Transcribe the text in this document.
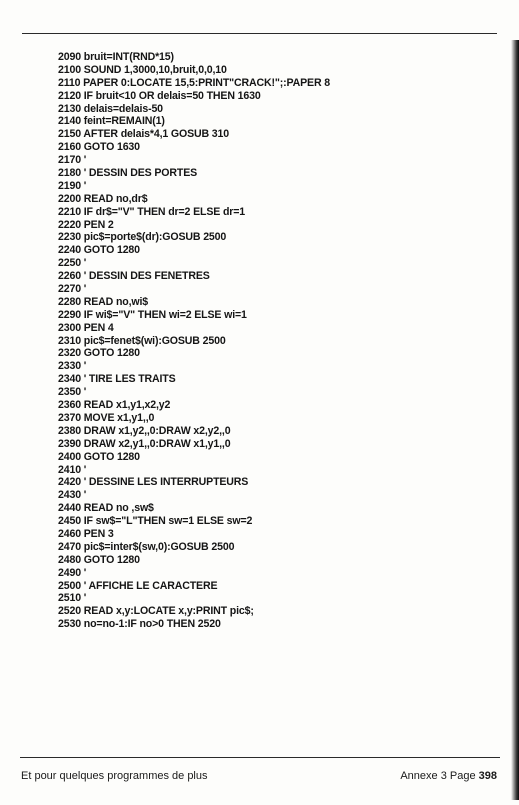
2090 bruit=INT(RND*15)
2100 SOUND 1,3000,10,bruit,0,0,10
2110 PAPER 0:LOCATE 15,5:PRINT"CRACK!";:PAPER 8
2120 IF bruit<10 OR delais=50 THEN 1630
2130 delais=delais-50
2140 feint=REMAIN(1)
2150 AFTER delais*4,1 GOSUB 310
2160 GOTO 1630
2170 '
2180 ' DESSIN DES PORTES
2190 '
2200 READ no,dr$
2210 IF dr$="V" THEN dr=2 ELSE dr=1
2220 PEN 2
2230 pic$=porte$(dr):GOSUB 2500
2240 GOTO 1280
2250 '
2260 ' DESSIN DES FENETRES
2270 '
2280 READ no,wi$
2290 IF wi$="V" THEN wi=2 ELSE wi=1
2300 PEN 4
2310 pic$=fenet$(wi):GOSUB 2500
2320 GOTO 1280
2330 '
2340 ' TIRE LES TRAITS
2350 '
2360 READ x1,y1,x2,y2
2370 MOVE x1,y1,,0
2380 DRAW x1,y2,,0:DRAW x2,y2,,0
2390 DRAW x2,y1,,0:DRAW x1,y1,,0
2400 GOTO 1280
2410 '
2420 ' DESSINE LES INTERRUPTEURS
2430 '
2440 READ no ,sw$
2450 IF sw$="L"THEN sw=1 ELSE sw=2
2460 PEN 3
2470 pic$=inter$(sw,0):GOSUB 2500
2480 GOTO 1280
2490 '
2500 ' AFFICHE LE CARACTERE
2510 '
2520 READ x,y:LOCATE x,y:PRINT pic$;
2530 no=no-1:IF no>0 THEN 2520
Et pour quelques programmes de plus	Annexe 3 Page 398
